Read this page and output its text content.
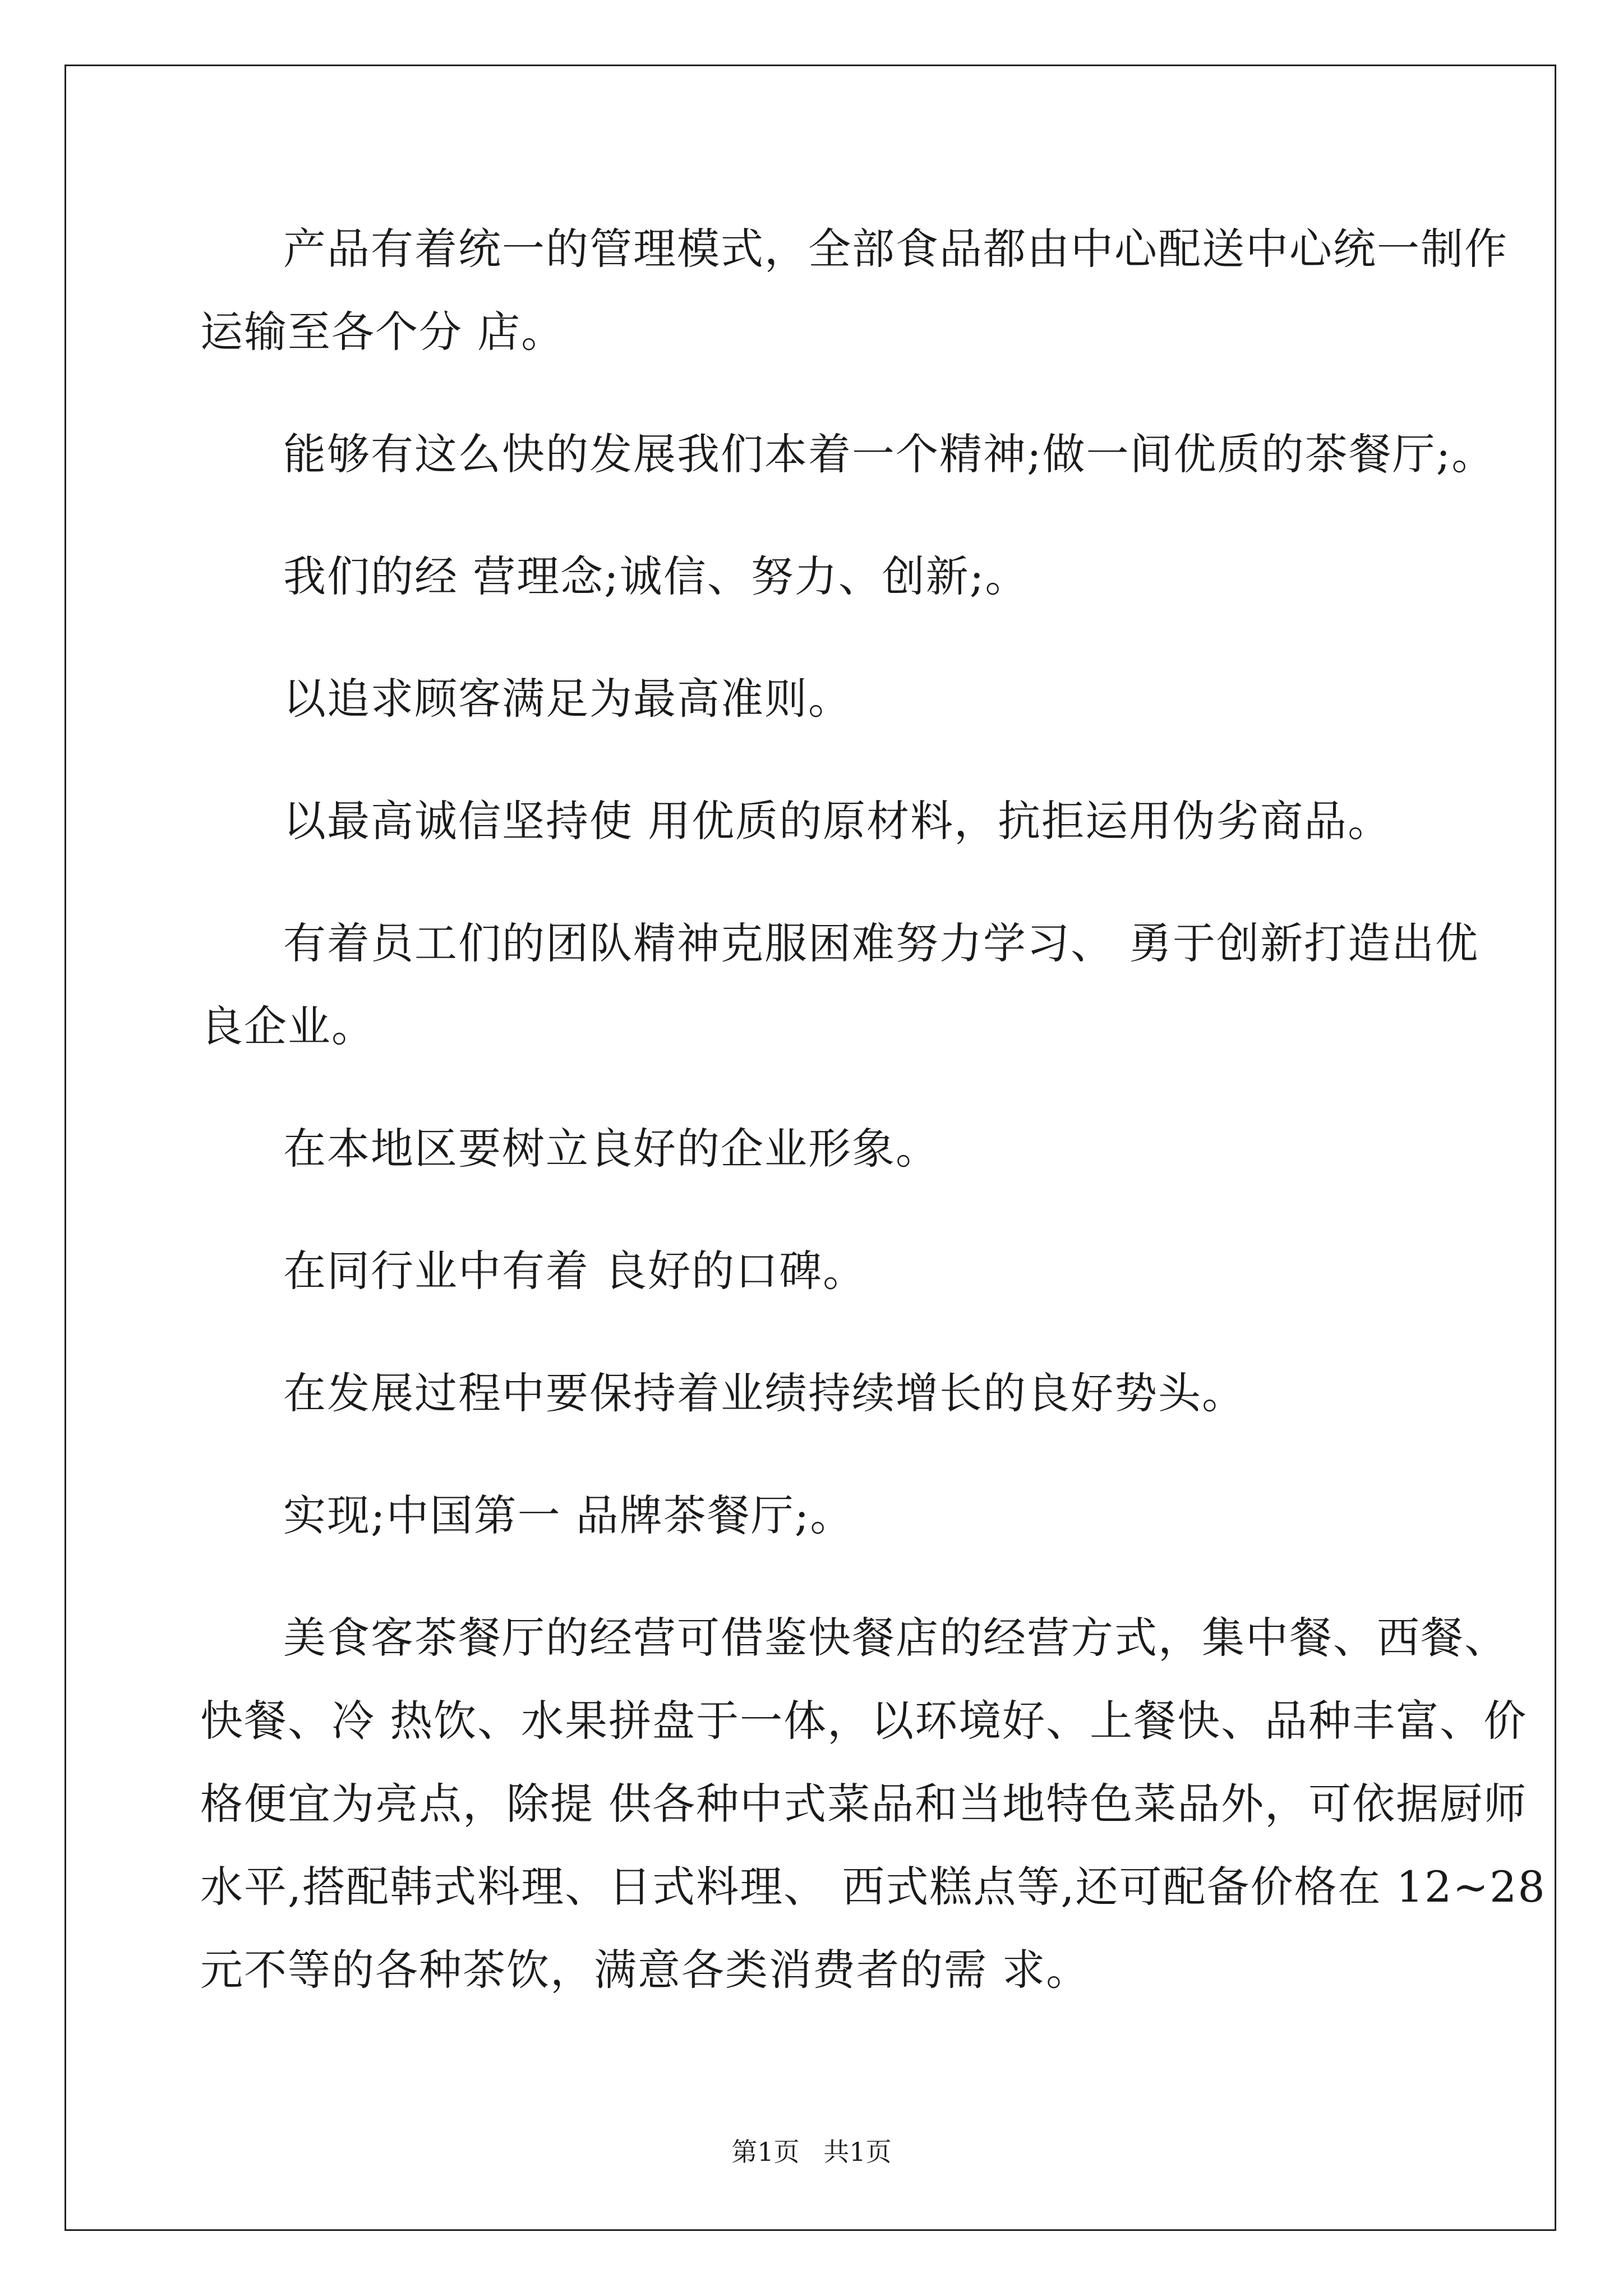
产品有着统一的管理模式，全部食品都由中心配送中心统一制作
运输至各个分 店。
能够有这么快的发展我们本着一个精神;做一间优质的茶餐厅;。
我们的经 营理念;诚信、努力、创新;。
以追求顾客满足为最高准则。
以最高诚信坚持使 用优质的原材料，抗拒运用伪劣商品。
有着员工们的团队精神克服困难努力学习、 勇于创新打造出优
良企业。
在本地区要树立良好的企业形象。
在同行业中有着 良好的口碑。
在发展过程中要保持着业绩持续增长的良好势头。
实现;中国第一 品牌茶餐厅;。
美食客茶餐厅的经营可借鉴快餐店的经营方式，集中餐、西餐、
快餐、冷 热饮、水果拼盘于一体，以环境好、上餐快、品种丰富、价
格便宜为亮点，除提 供各种中式菜品和当地特色菜品外，可依据厨师
水平,搭配韩式料理、日式料理、 西式糕点等,还可配备价格在 12~28
元不等的各种茶饮，满意各类消费者的需 求。
第1页 共1页
